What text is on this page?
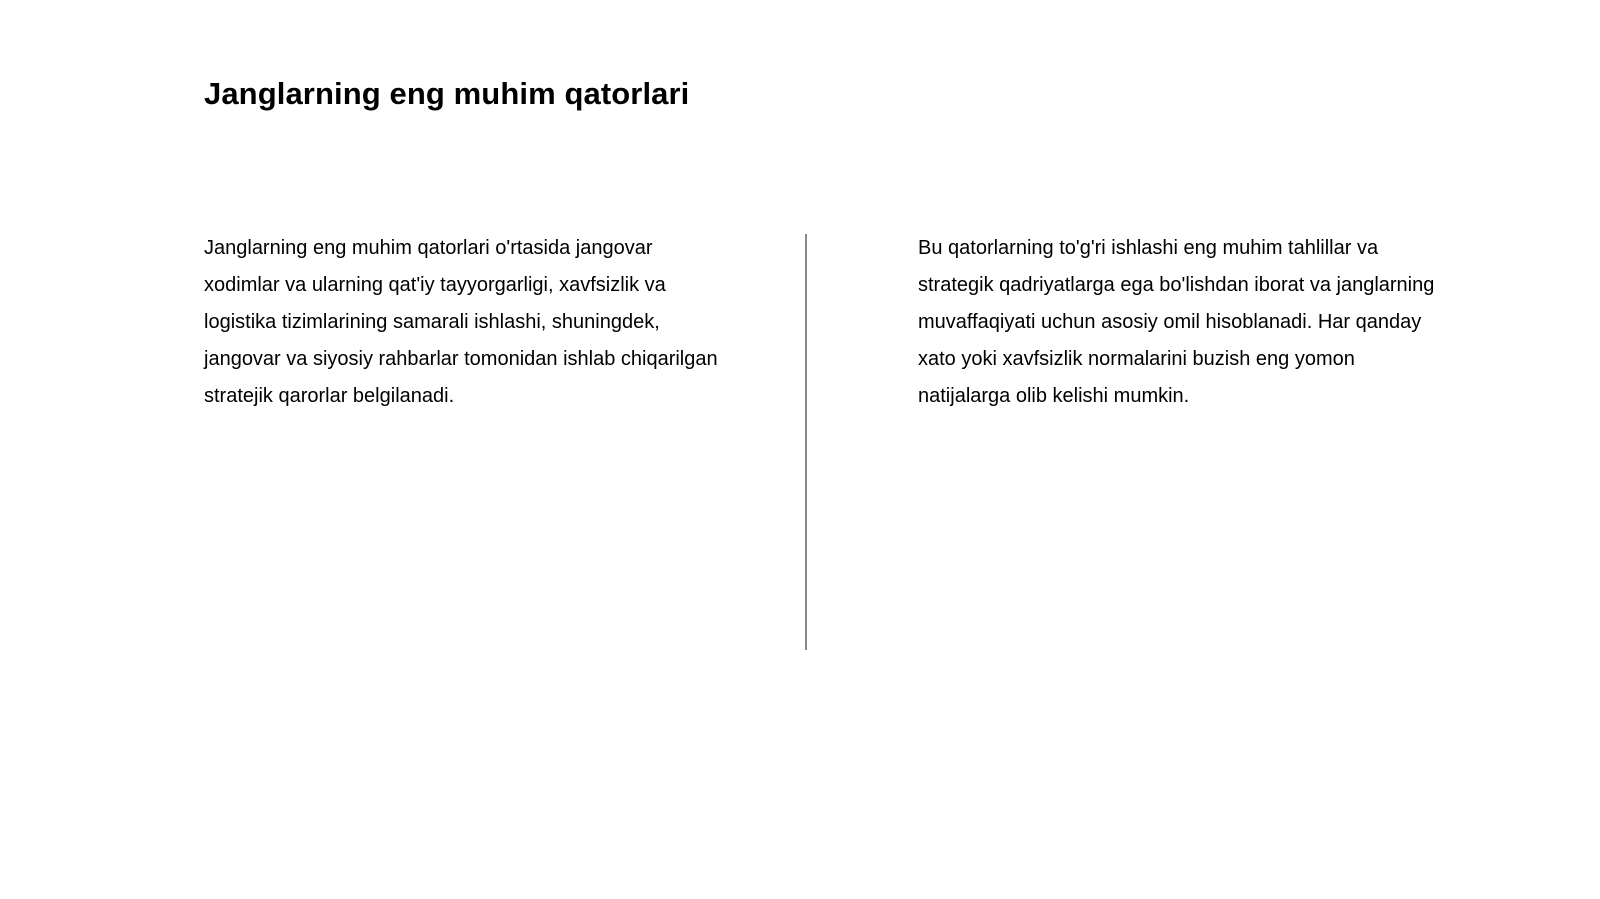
Janglarning eng muhim qatorlari

Janglarning eng muhim qatorlari o'rtasida jangovar xodimlar va ularning qat'iy tayyorgarligi, xavfsizlik va logistika tizimlarining samarali ishlashi, shuningdek, jangovar va siyosiy rahbarlar tomonidan ishlab chiqarilgan stratejik qarorlar belgilanadi.

Bu qatorlarning to'g'ri ishlashi eng muhim tahlillar va strategik qadriyatlarga ega bo'lishdan iborat va janglarning muvaffaqiyati uchun asosiy omil hisoblanadi. Har qanday xato yoki xavfsizlik normalarini buzish eng yomon natijalarga olib kelishi mumkin.
